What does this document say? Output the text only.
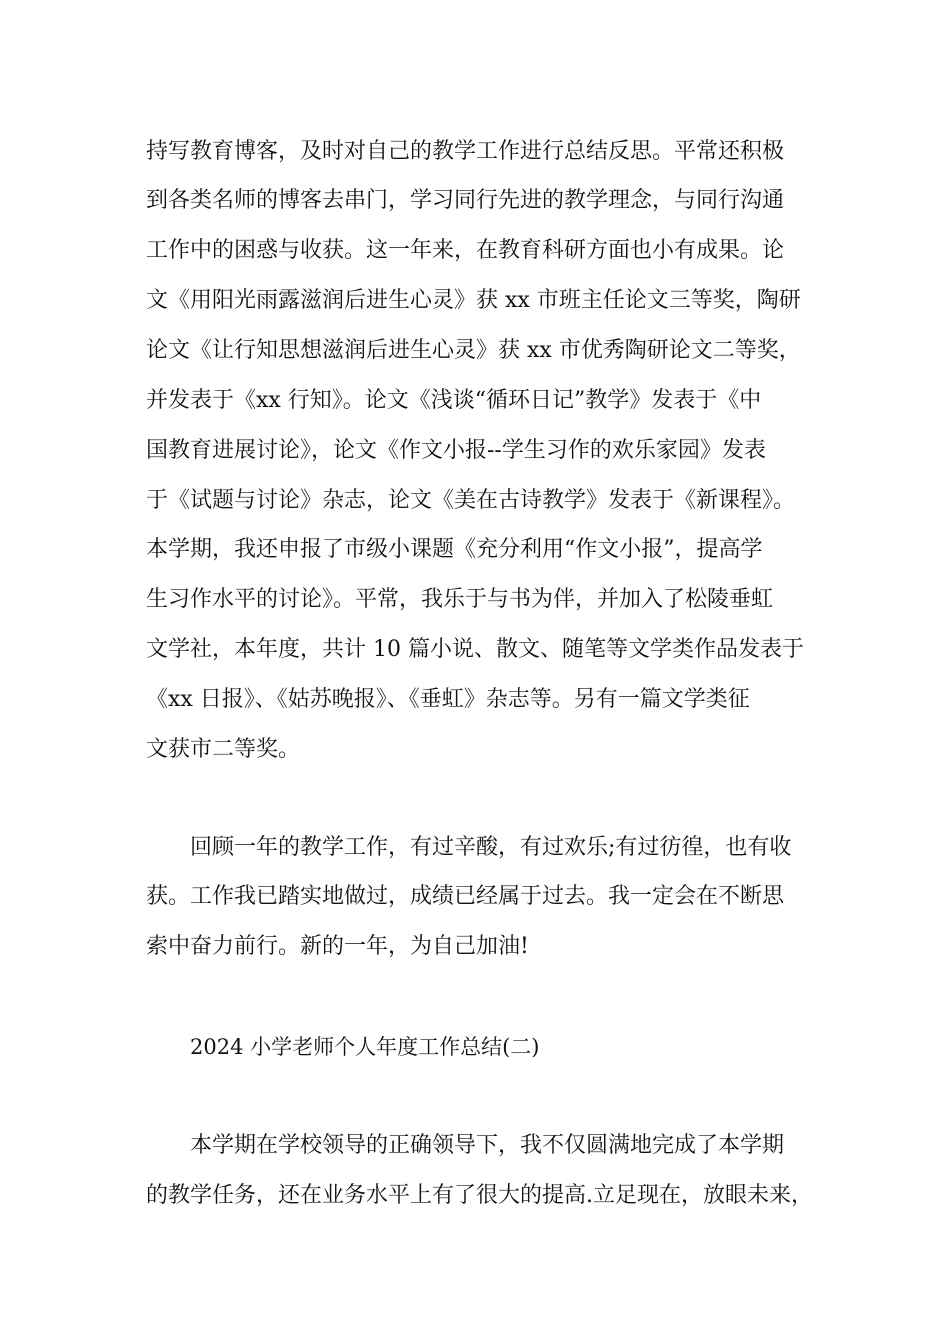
持写教育博客，及时对自己的教学工作进行总结反思。平常还积极
到各类名师的博客去串门，学习同行先进的教学理念，与同行沟通
工作中的困惑与收获。这一年来，在教育科研方面也小有成果。论
文《用阳光雨露滋润后进生心灵》获 xx 市班主任论文三等奖，陶研
论文《让行知思想滋润后进生心灵》获 xx 市优秀陶研论文二等奖，
并发表于《xx 行知》。论文《浅谈“循环日记”教学》发表于《中
国教育进展讨论》，论文《作文小报--学生习作的欢乐家园》发表
于《试题与讨论》杂志，论文《美在古诗教学》发表于《新课程》。
本学期，我还申报了市级小课题《充分利用“作文小报”，提高学
生习作水平的讨论》。平常，我乐于与书为伴，并加入了松陵垂虹
文学社，本年度，共计 10 篇小说、散文、随笔等文学类作品发表于
《xx 日报》、《姑苏晚报》、《垂虹》杂志等。另有一篇文学类征
文获市二等奖。
回顾一年的教学工作，有过辛酸，有过欢乐;有过彷徨，也有收
获。工作我已踏实地做过，成绩已经属于过去。我一定会在不断思
索中奋力前行。新的一年，为自己加油!
2024 小学老师个人年度工作总结(二)
本学期在学校领导的正确领导下，我不仅圆满地完成了本学期
的教学任务，还在业务水平上有了很大的提高.立足现在，放眼未来，
